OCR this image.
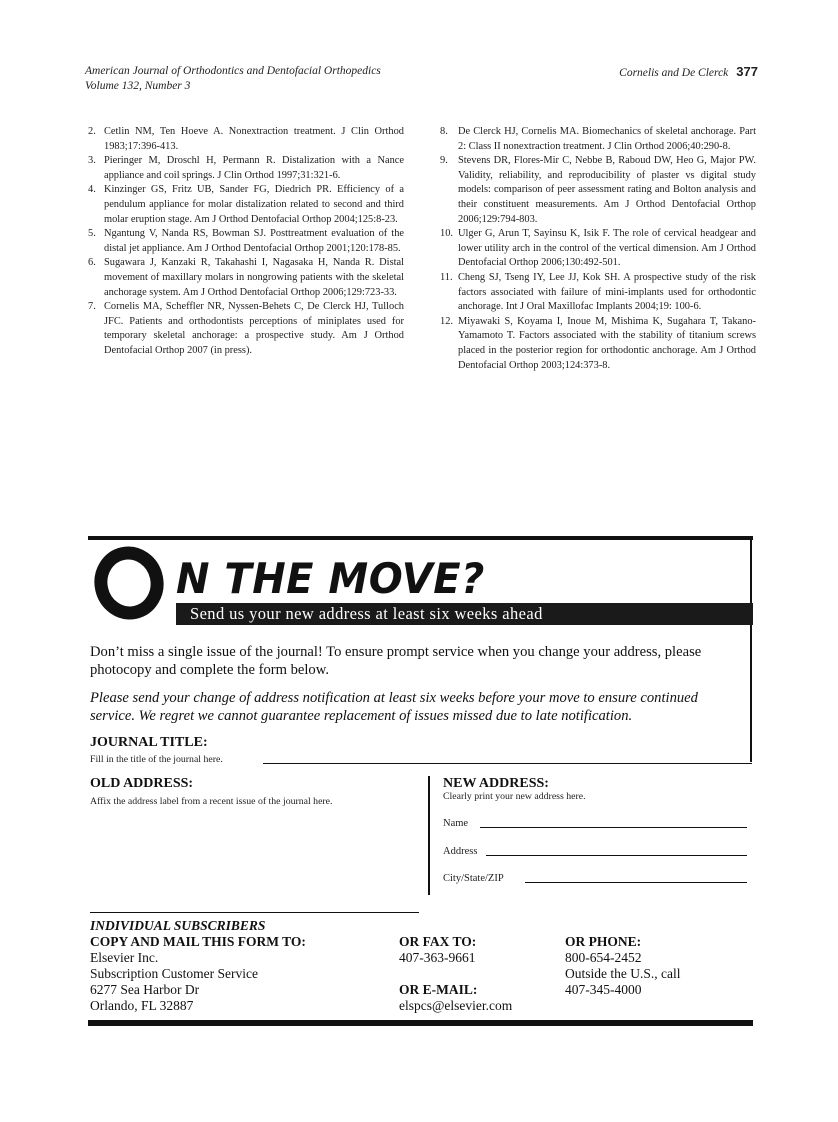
American Journal of Orthodontics and Dentofacial Orthopedics
Volume 132, Number 3
Cornelis and De Clerck 377
2. Cetlin NM, Ten Hoeve A. Nonextraction treatment. J Clin Orthod 1983;17:396-413.
3. Pieringer M, Droschl H, Permann R. Distalization with a Nance appliance and coil springs. J Clin Orthod 1997;31:321-6.
4. Kinzinger GS, Fritz UB, Sander FG, Diedrich PR. Efficiency of a pendulum appliance for molar distalization related to second and third molar eruption stage. Am J Orthod Dentofacial Orthop 2004;125:8-23.
5. Ngantung V, Nanda RS, Bowman SJ. Posttreatment evaluation of the distal jet appliance. Am J Orthod Dentofacial Orthop 2001;120:178-85.
6. Sugawara J, Kanzaki R, Takahashi I, Nagasaka H, Nanda R. Distal movement of maxillary molars in nongrowing patients with the skeletal anchorage system. Am J Orthod Dentofacial Orthop 2006;129:723-33.
7. Cornelis MA, Scheffler NR, Nyssen-Behets C, De Clerck HJ, Tulloch JFC. Patients and orthodontists perceptions of miniplates used for temporary skeletal anchorage: a prospective study. Am J Orthod Dentofacial Orthop 2007 (in press).
8. De Clerck HJ, Cornelis MA. Biomechanics of skeletal anchorage. Part 2: Class II nonextraction treatment. J Clin Orthod 2006;40:290-8.
9. Stevens DR, Flores-Mir C, Nebbe B, Raboud DW, Heo G, Major PW. Validity, reliability, and reproducibility of plaster vs digital study models: comparison of peer assessment rating and Bolton analysis and their constituent measurements. Am J Orthod Dentofacial Orthop 2006;129:794-803.
10. Ulger G, Arun T, Sayinsu K, Isik F. The role of cervical headgear and lower utility arch in the control of the vertical dimension. Am J Orthod Dentofacial Orthop 2006;130:492-501.
11. Cheng SJ, Tseng IY, Lee JJ, Kok SH. A prospective study of the risk factors associated with failure of mini-implants used for orthodontic anchorage. Int J Oral Maxillofac Implants 2004;19: 100-6.
12. Miyawaki S, Koyama I, Inoue M, Mishima K, Sugahara T, Takano-Yamamoto T. Factors associated with the stability of titanium screws placed in the posterior region for orthodontic anchorage. Am J Orthod Dentofacial Orthop 2003;124:373-8.
N THE MOVE?
Send us your new address at least six weeks ahead
Don’t miss a single issue of the journal! To ensure prompt service when you change your address, please photocopy and complete the form below.
Please send your change of address notification at least six weeks before your move to ensure continued service. We regret we cannot guarantee replacement of issues missed due to late notification.
JOURNAL TITLE:
Fill in the title of the journal here.
OLD ADDRESS:
Affix the address label from a recent issue of the journal here.
NEW ADDRESS:
Clearly print your new address here.
Name
Address
City/State/ZIP
INDIVIDUAL SUBSCRIBERS
COPY AND MAIL THIS FORM TO:
Elsevier Inc.
Subscription Customer Service
6277 Sea Harbor Dr
Orlando, FL 32887
OR FAX TO:
407-363-9661
OR E-MAIL:
elspcs@elsevier.com
OR PHONE:
800-654-2452
Outside the U.S., call
407-345-4000
